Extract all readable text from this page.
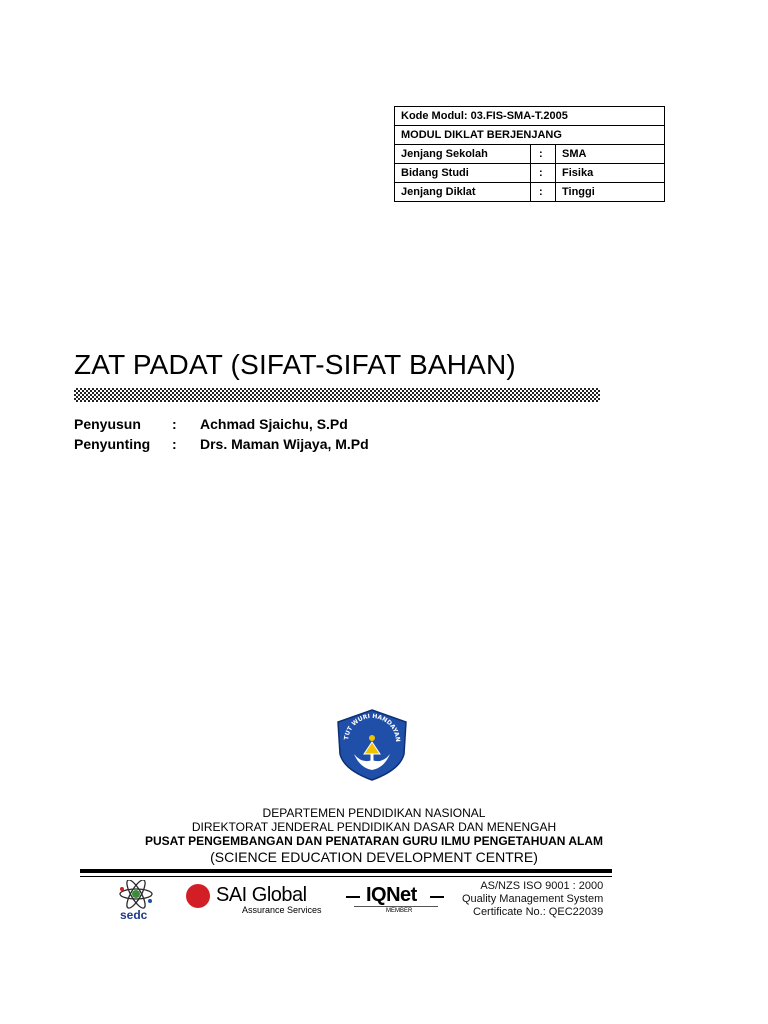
Kode Modul: 03.FIS-SMA-T.2005		
MODUL DIKLAT BERJENJANG		
Jenjang Sekolah	:	SMA
Bidang Studi	:	Fisika
Jenjang Diklat	:	Tinggi
ZAT PADAT (SIFAT-SIFAT BAHAN)
Penyusun	:	Achmad Sjaichu, S.Pd
Penyunting	:	Drs. Maman Wijaya, M.Pd
TUT WURI HANDAYAN
DEPARTEMEN PENDIDIKAN NASIONAL
DIREKTORAT JENDERAL PENDIDIKAN DASAR DAN MENENGAH
PUSAT PENGEMBANGAN DAN PENATARAN GURU ILMU PENGETAHUAN ALAM
(SCIENCE EDUCATION DEVELOPMENT CENTRE)
sedc
SAI Global
Assurance Services
IQNet
MEMBER
AS/NZS ISO 9001 : 2000
Quality Management System
Certificate No.: QEC22039
